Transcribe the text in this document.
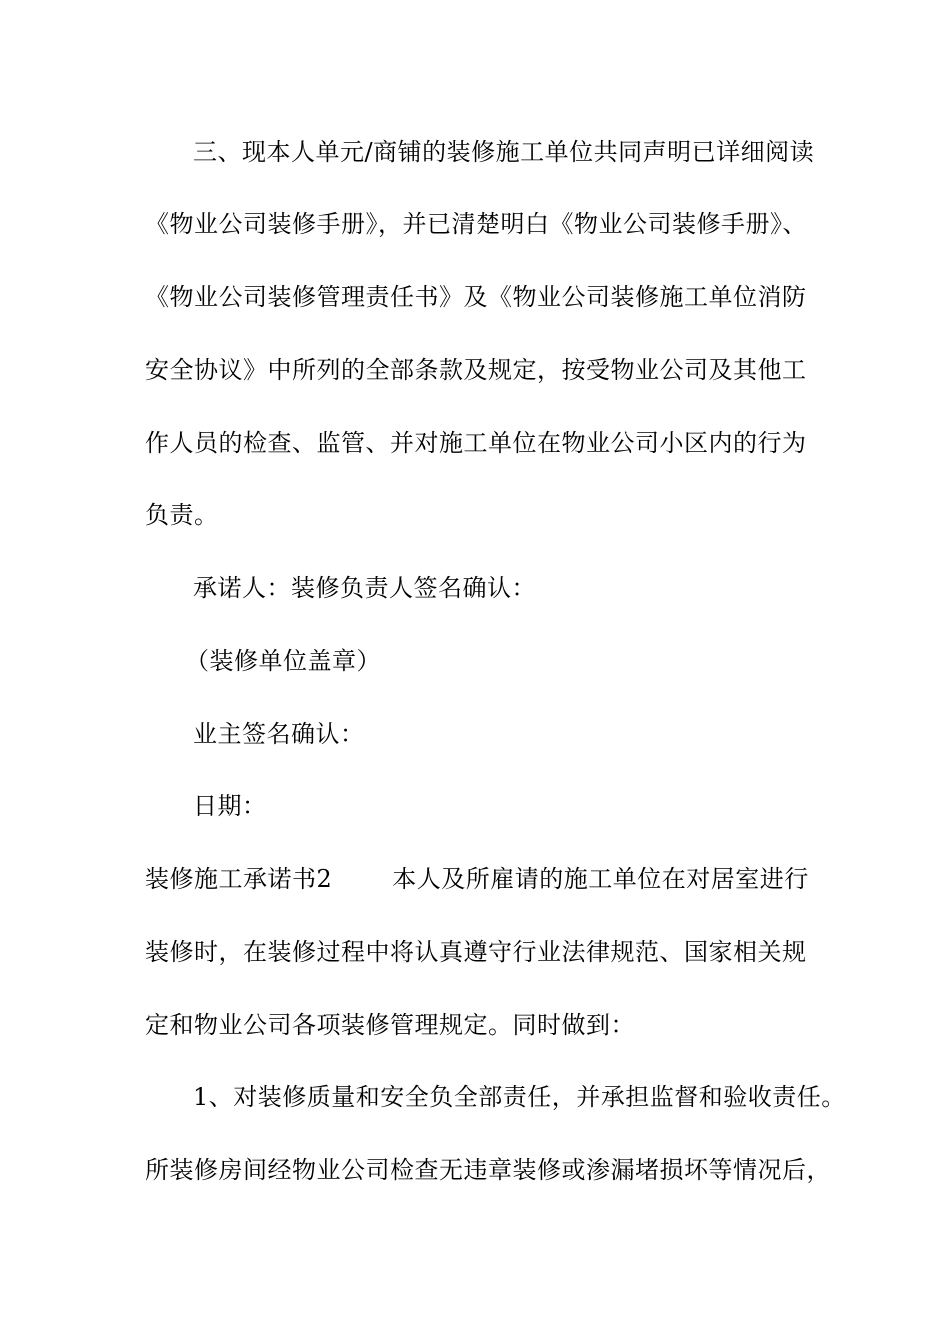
三、现本人单元/商铺的装修施工单位共同声明已详细阅读
《物业公司装修手册》，并已清楚明白《物业公司装修手册》、
《物业公司装修管理责任书》及《物业公司装修施工单位消防
安全协议》中所列的全部条款及规定，按受物业公司及其他工
作人员的检查、监管、并对施工单位在物业公司小区内的行为
负责。
承诺人：装修负责人签名确认：
（装修单位盖章）
业主签名确认：
日期：
装修施工承诺书2	本人及所雇请的施工单位在对居室进行
装修时，在装修过程中将认真遵守行业法律规范、国家相关规
定和物业公司各项装修管理规定。同时做到：
1、对装修质量和安全负全部责任，并承担监督和验收责任。
所装修房间经物业公司检查无违章装修或渗漏堵损坏等情况后，
